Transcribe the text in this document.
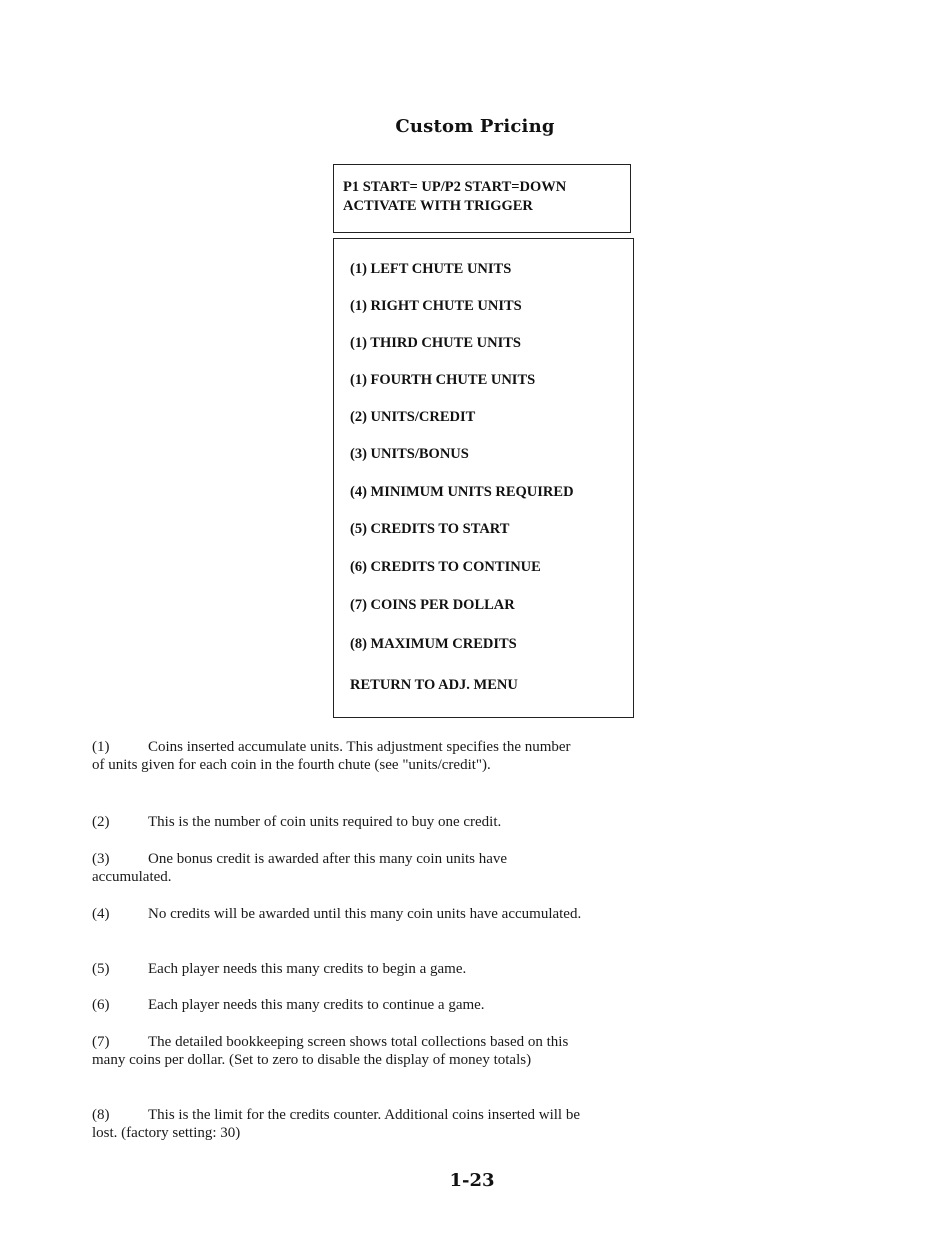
Custom Pricing
P1 START= UP/P2 START=DOWN
ACTIVATE WITH TRIGGER
(1) LEFT CHUTE UNITS
(1) RIGHT CHUTE UNITS
(1) THIRD CHUTE UNITS
(1) FOURTH CHUTE UNITS
(2) UNITS/CREDIT
(3) UNITS/BONUS
(4) MINIMUM UNITS REQUIRED
(5) CREDITS TO START
(6) CREDITS TO CONTINUE
(7) COINS PER DOLLAR
(8) MAXIMUM CREDITS
RETURN TO ADJ. MENU
(1)	Coins inserted accumulate units. This adjustment specifies the number of units given for each coin in the fourth chute (see "units/credit").
(2)	This is the number of coin units required to buy one credit.
(3)	One bonus credit is awarded after this many coin units have accumulated.
(4)	No credits will be awarded until this many coin units have accumulated.
(5)	Each player needs this many credits to begin a game.
(6)	Each player needs this many credits to continue a game.
(7)	The detailed bookkeeping screen shows total collections based on this many coins per dollar. (Set to zero to disable the display of money totals)
(8)	This is the limit for the credits counter. Additional coins inserted will be lost. (factory setting: 30)
1-23
